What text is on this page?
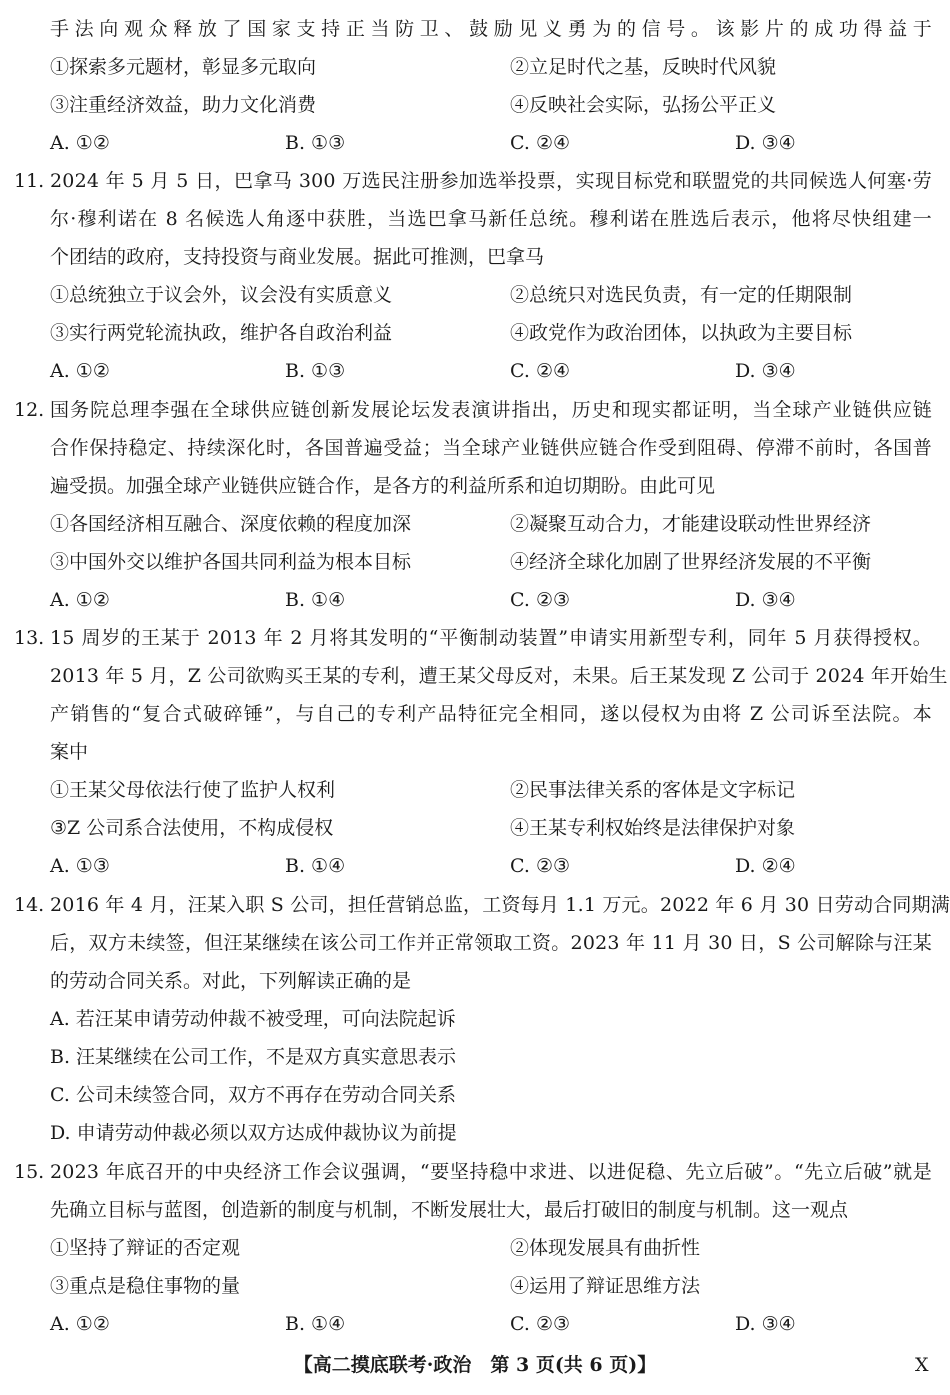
手法向观众释放了国家支持正当防卫、鼓励见义勇为的信号。该影片的成功得益于
①探索多元题材，彰显多元取向	②立足时代之基，反映时代风貌
③注重经济效益，助力文化消费	④反映社会实际，弘扬公平正义
A. ①②	B. ①③	C. ②④	D. ③④
11. 2024 年 5 月 5 日，巴拿马 300 万选民注册参加选举投票，实现目标党和联盟党的共同候选人何塞·劳
尔·穆利诺在 8 名候选人角逐中获胜，当选巴拿马新任总统。穆利诺在胜选后表示，他将尽快组建一
个团结的政府，支持投资与商业发展。据此可推测，巴拿马
①总统独立于议会外，议会没有实质意义	②总统只对选民负责，有一定的任期限制
③实行两党轮流执政，维护各自政治利益	④政党作为政治团体，以执政为主要目标
A. ①②	B. ①③	C. ②④	D. ③④
12. 国务院总理李强在全球供应链创新发展论坛发表演讲指出，历史和现实都证明，当全球产业链供应链
合作保持稳定、持续深化时，各国普遍受益；当全球产业链供应链合作受到阻碍、停滞不前时，各国普
遍受损。加强全球产业链供应链合作，是各方的利益所系和迫切期盼。由此可见
①各国经济相互融合、深度依赖的程度加深	②凝聚互动合力，才能建设联动性世界经济
③中国外交以维护各国共同利益为根本目标	④经济全球化加剧了世界经济发展的不平衡
A. ①②	B. ①④	C. ②③	D. ③④
13. 15 周岁的王某于 2013 年 2 月将其发明的“平衡制动装置”申请实用新型专利，同年 5 月获得授权。
2013 年 5 月，Z 公司欲购买王某的专利，遭王某父母反对，未果。后王某发现 Z 公司于 2024 年开始生
产销售的“复合式破碎锤”，与自己的专利产品特征完全相同，遂以侵权为由将 Z 公司诉至法院。本
案中
①王某父母依法行使了监护人权利	②民事法律关系的客体是文字标记
③Z 公司系合法使用，不构成侵权	④王某专利权始终是法律保护对象
A. ①③	B. ①④	C. ②③	D. ②④
14. 2016 年 4 月，汪某入职 S 公司，担任营销总监，工资每月 1.1 万元。2022 年 6 月 30 日劳动合同期满
后，双方未续签，但汪某继续在该公司工作并正常领取工资。2023 年 11 月 30 日，S 公司解除与汪某
的劳动合同关系。对此，下列解读正确的是
A. 若汪某申请劳动仲裁不被受理，可向法院起诉
B. 汪某继续在公司工作，不是双方真实意思表示
C. 公司未续签合同，双方不再存在劳动合同关系
D. 申请劳动仲裁必须以双方达成仲裁协议为前提
15. 2023 年底召开的中央经济工作会议强调，“要坚持稳中求进、以进促稳、先立后破”。“先立后破”就是
先确立目标与蓝图，创造新的制度与机制，不断发展壮大，最后打破旧的制度与机制。这一观点
①坚持了辩证的否定观	②体现发展具有曲折性
③重点是稳住事物的量	④运用了辩证思维方法
A. ①②	B. ①④	C. ②③	D. ③④
【高二摸底联考·政治　第 3 页(共 6 页)】	X
